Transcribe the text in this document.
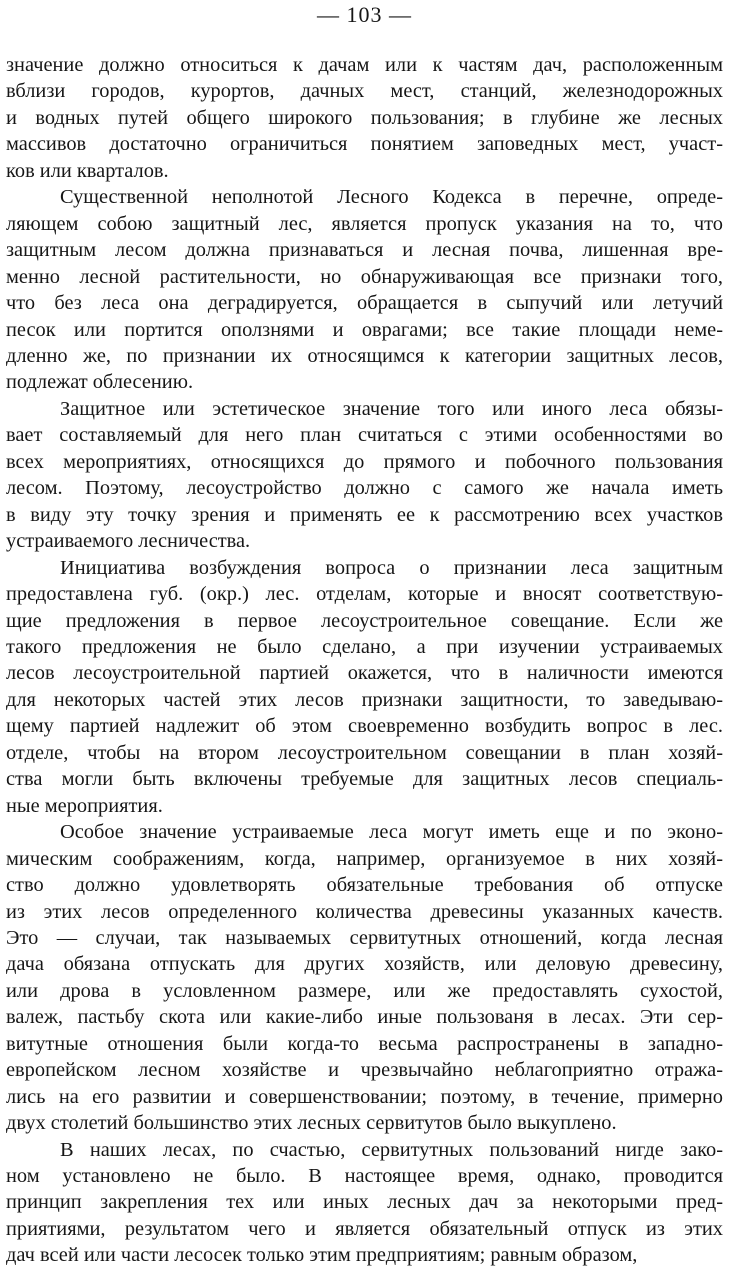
— 103 —

значение должно относиться к дачам или к частям дач, расположенным
вблизи городов, курортов, дачных мест, станций, железнодорожных
и водных путей общего широкого пользования; в глубине же лесных
массивов достаточно ограничиться понятием заповедных мест, участ-
ков или кварталов.

Существенной неполнотой Лесного Кодекса в перечне, опреде-
ляющем собою защитный лес, является пропуск указания на то, что
защитным лесом должна признаваться и лесная почва, лишенная вре-
менно лесной растительности, но обнаруживающая все признаки того,
что без леса она деградируется, обращается в сыпучий или летучий
песок или портится оползнями и оврагами; все такие площади неме-
дленно же, по признании их относящимся к категории защитных лесов,
подлежат облесению.

Защитное или эстетическое значение того или иного леса обязы-
вает составляемый для него план считаться с этими особенностями во
всех мероприятиях, относящихся до прямого и побочного пользования
лесом. Поэтому, лесоустройство должно с самого же начала иметь
в виду эту точку зрения и применять ее к рассмотрению всех участков
устраиваемого лесничества.

Инициатива возбуждения вопроса о признании леса защитным
предоставлена губ. (окр.) лес. отделам, которые и вносят соответствую-
щие предложения в первое лесоустроительное совещание. Если же
такого предложения не было сделано, а при изучении устраиваемых
лесов лесоустроительной партией окажется, что в наличности имеются
для некоторых частей этих лесов признаки защитности, то заведываю-
щему партией надлежит об этом своевременно возбудить вопрос в лес.
отделе, чтобы на втором лесоустроительном совещании в план хозяй-
ства могли быть включены требуемые для защитных лесов специаль-
ные мероприятия.

Особое значение устраиваемые леса могут иметь еще и по эконо-
мическим соображениям, когда, например, организуемое в них хозяй-
ство должно удовлетворять обязательные требования об отпуске
из этих лесов определенного количества древесины указанных качеств.
Это — случаи, так называемых сервитутных отношений, когда лесная
дача обязана отпускать для других хозяйств, или деловую древесину,
или дрова в условленном размере, или же предоставлять сухостой,
валеж, пастьбу скота или какие-либо иные пользованя в лесах. Эти сер-
витутные отношения были когда-то весьма распространены в западно-
европейском лесном хозяйстве и чрезвычайно неблагоприятно отража-
лись на его развитии и совершенствовании; поэтому, в течение, примерно
двух столетий большинство этих лесных сервитутов было выкуплено.

В наших лесах, по счастью, сервитутных пользований нигде зако-
ном установлено не было. В настоящее время, однако, проводится
принцип закрепления тех или иных лесных дач за некоторыми пред-
приятиями, результатом чего и является обязательный отпуск из этих
дач всей или части лесосек только этим предприятиям; равным образом,
